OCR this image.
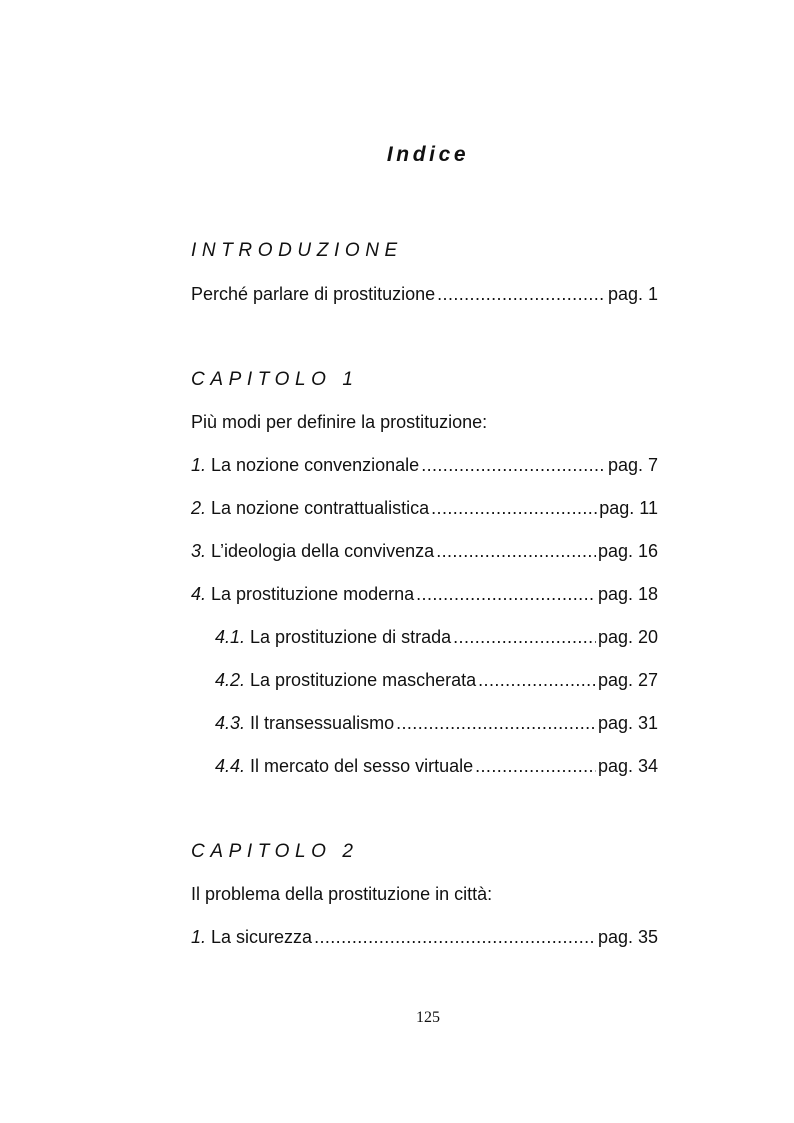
Indice
INTRODUZIONE
Perché parlare di prostituzione .....	pag. 1
CAPITOLO 1
Più modi per definire la prostituzione:
1. La nozione convenzionale .....	pag. 7
2. La nozione contrattualistica .....	pag. 11
3. L’ideologia della convivenza .....	pag. 16
4. La prostituzione moderna .....	pag. 18
4.1. La prostituzione di strada .....	pag. 20
4.2. La prostituzione mascherata .....	pag. 27
4.3. Il transessualismo .....	pag. 31
4.4. Il mercato del sesso virtuale .....	pag. 34
CAPITOLO 2
Il problema della prostituzione in città:
1. La sicurezza .....	pag. 35
125
